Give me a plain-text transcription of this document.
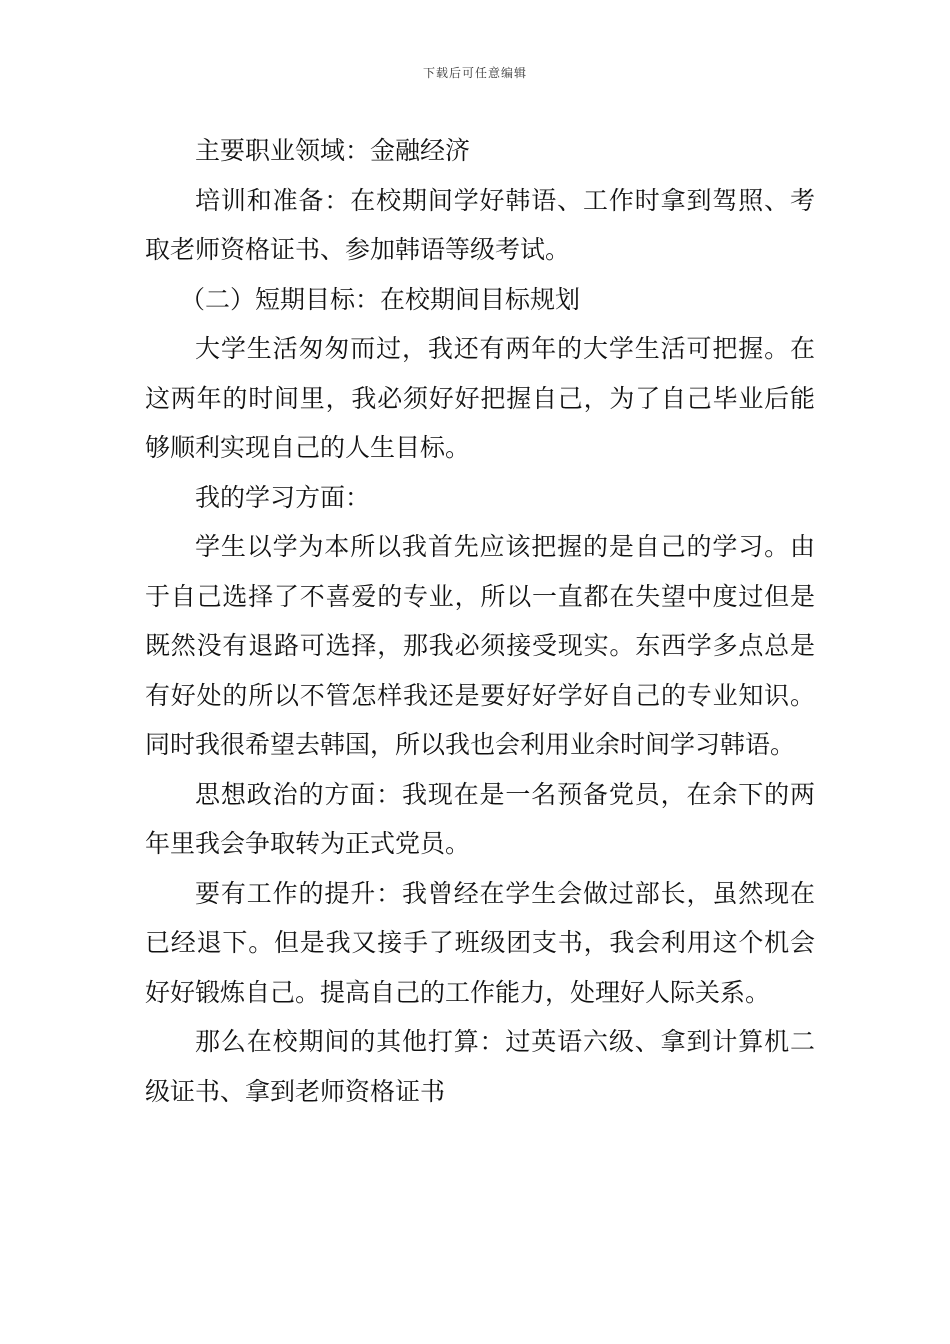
下载后可任意编辑

主要职业领域：金融经济

培训和准备：在校期间学好韩语、工作时拿到驾照、考取老师资格证书、参加韩语等级考试。

（二）短期目标：在校期间目标规划

大学生活匆匆而过，我还有两年的大学生活可把握。在这两年的时间里，我必须好好把握自己，为了自己毕业后能够顺利实现自己的人生目标。

我的学习方面：

学生以学为本所以我首先应该把握的是自己的学习。由于自己选择了不喜爱的专业，所以一直都在失望中度过但是既然没有退路可选择，那我必须接受现实。东西学多点总是有好处的所以不管怎样我还是要好好学好自己的专业知识。同时我很希望去韩国，所以我也会利用业余时间学习韩语。

思想政治的方面：我现在是一名预备党员，在余下的两年里我会争取转为正式党员。

要有工作的提升：我曾经在学生会做过部长，虽然现在已经退下。但是我又接手了班级团支书，我会利用这个机会好好锻炼自己。提高自己的工作能力，处理好人际关系。

那么在校期间的其他打算：过英语六级、拿到计算机二级证书、拿到老师资格证书
